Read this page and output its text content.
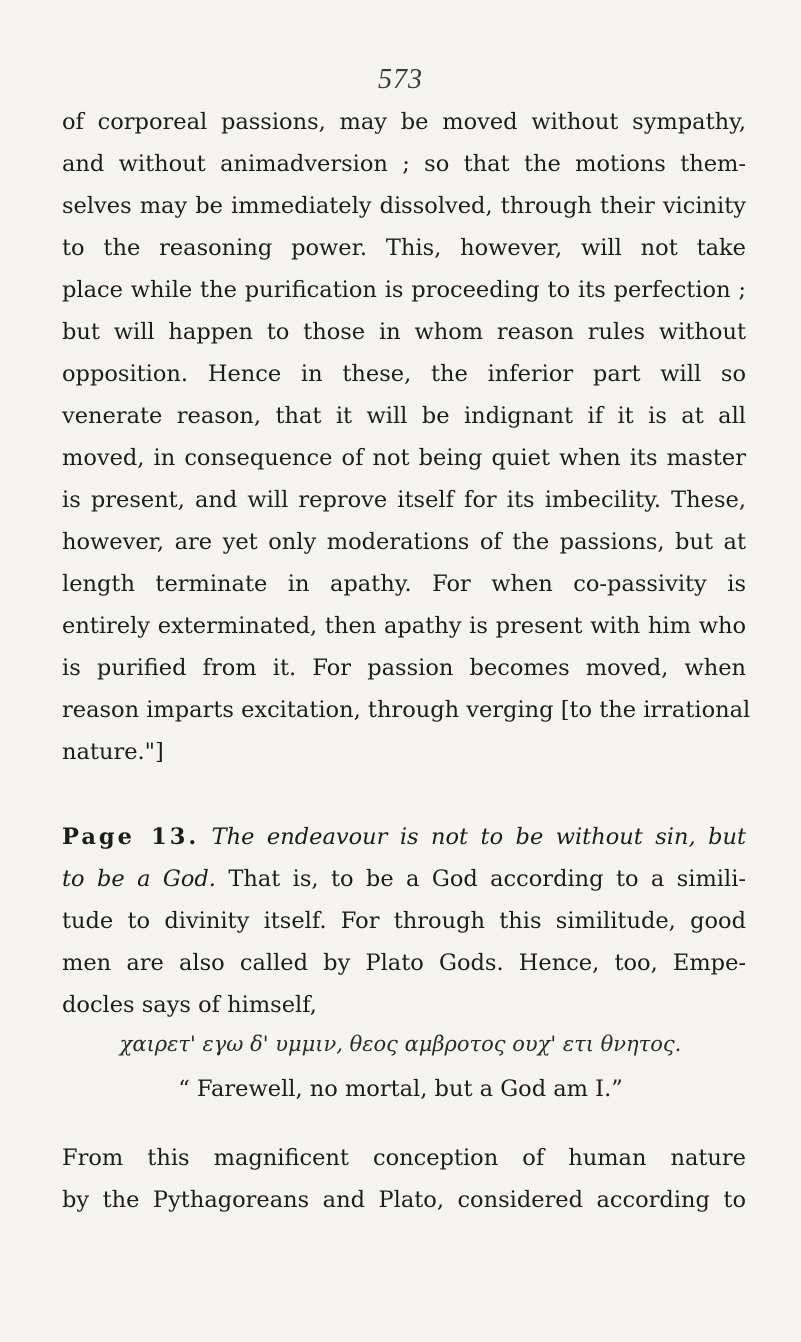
573
of corporeal passions, may be moved without sympathy,
and without animadversion ; so that the motions them-
selves may be immediately dissolved, through their vicinity
to the reasoning power. This, however, will not take
place while the purification is proceeding to its perfection ;
but will happen to those in whom reason rules without
opposition. Hence in these, the inferior part will so
venerate reason, that it will be indignant if it is at all
moved, in consequence of not being quiet when its master
is present, and will reprove itself for its imbecility. These,
however, are yet only moderations of the passions, but at
length terminate in apathy. For when co-passivity is
entirely exterminated, then apathy is present with him who
is purified from it. For passion becomes moved, when
reason imparts excitation, through verging [to the irrational
nature."]
Page 13. The endeavour is not to be without sin, but
to be a God. That is, to be a God according to a simili-
tude to divinity itself. For through this similitude, good
men are also called by Plato Gods. Hence, too, Empe-
docles says of himself,
χαιρετ' εγω δ' υμμιν, θεος αμβροτος ουχ' ετι θνητος.
“ Farewell, no mortal, but a God am I.”
From this magnificent conception of human nature
by the Pythagoreans and Plato, considered according to
